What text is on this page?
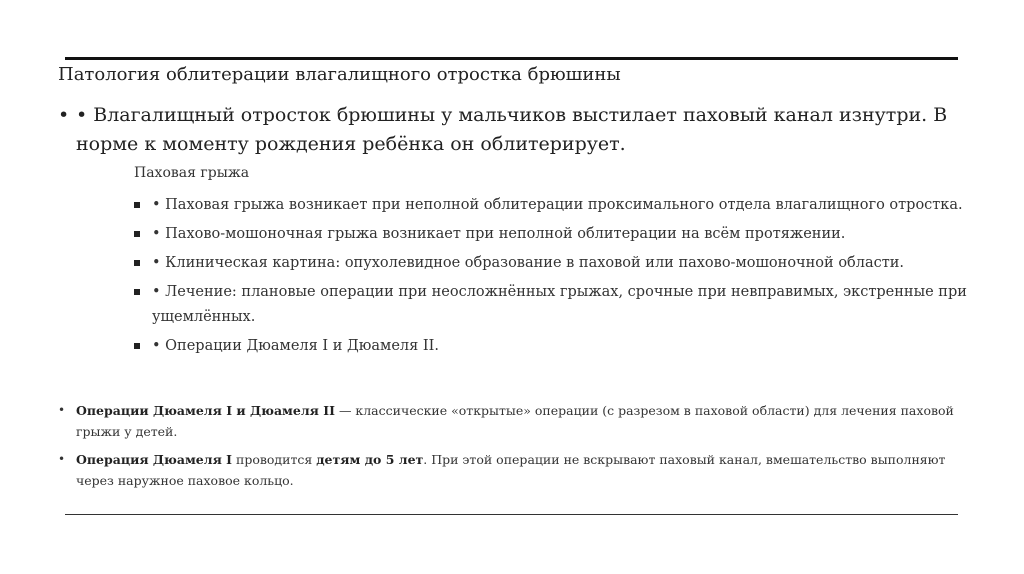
Патология облитерации влагалищного отростка брюшины
• • Влагалищный отросток брюшины у мальчиков выстилает паховый канал изнутри. В норме к моменту рождения ребёнка он облитерирует.
Паховая грыжа
• Паховая грыжа возникает при неполной облитерации проксимального отдела влагалищного отростка.
• Пахово-мошоночная грыжа возникает при неполной облитерации на всём протяжении.
• Клиническая картина: опухолевидное образование в паховой или пахово-мошоночной области.
• Лечение: плановые операции при неосложнённых грыжах, срочные при невправимых, экстренные при ущемлённых.
• Операции Дюамеля I и Дюамеля II.
• Операции Дюамеля I и Дюамеля II — классические «открытые» операции (с разрезом в паховой области) для лечения паховой грыжи у детей.
• Операция Дюамеля I проводится детям до 5 лет. При этой операции не вскрывают паховый канал, вмешательство выполняют через наружное паховое кольцо.
